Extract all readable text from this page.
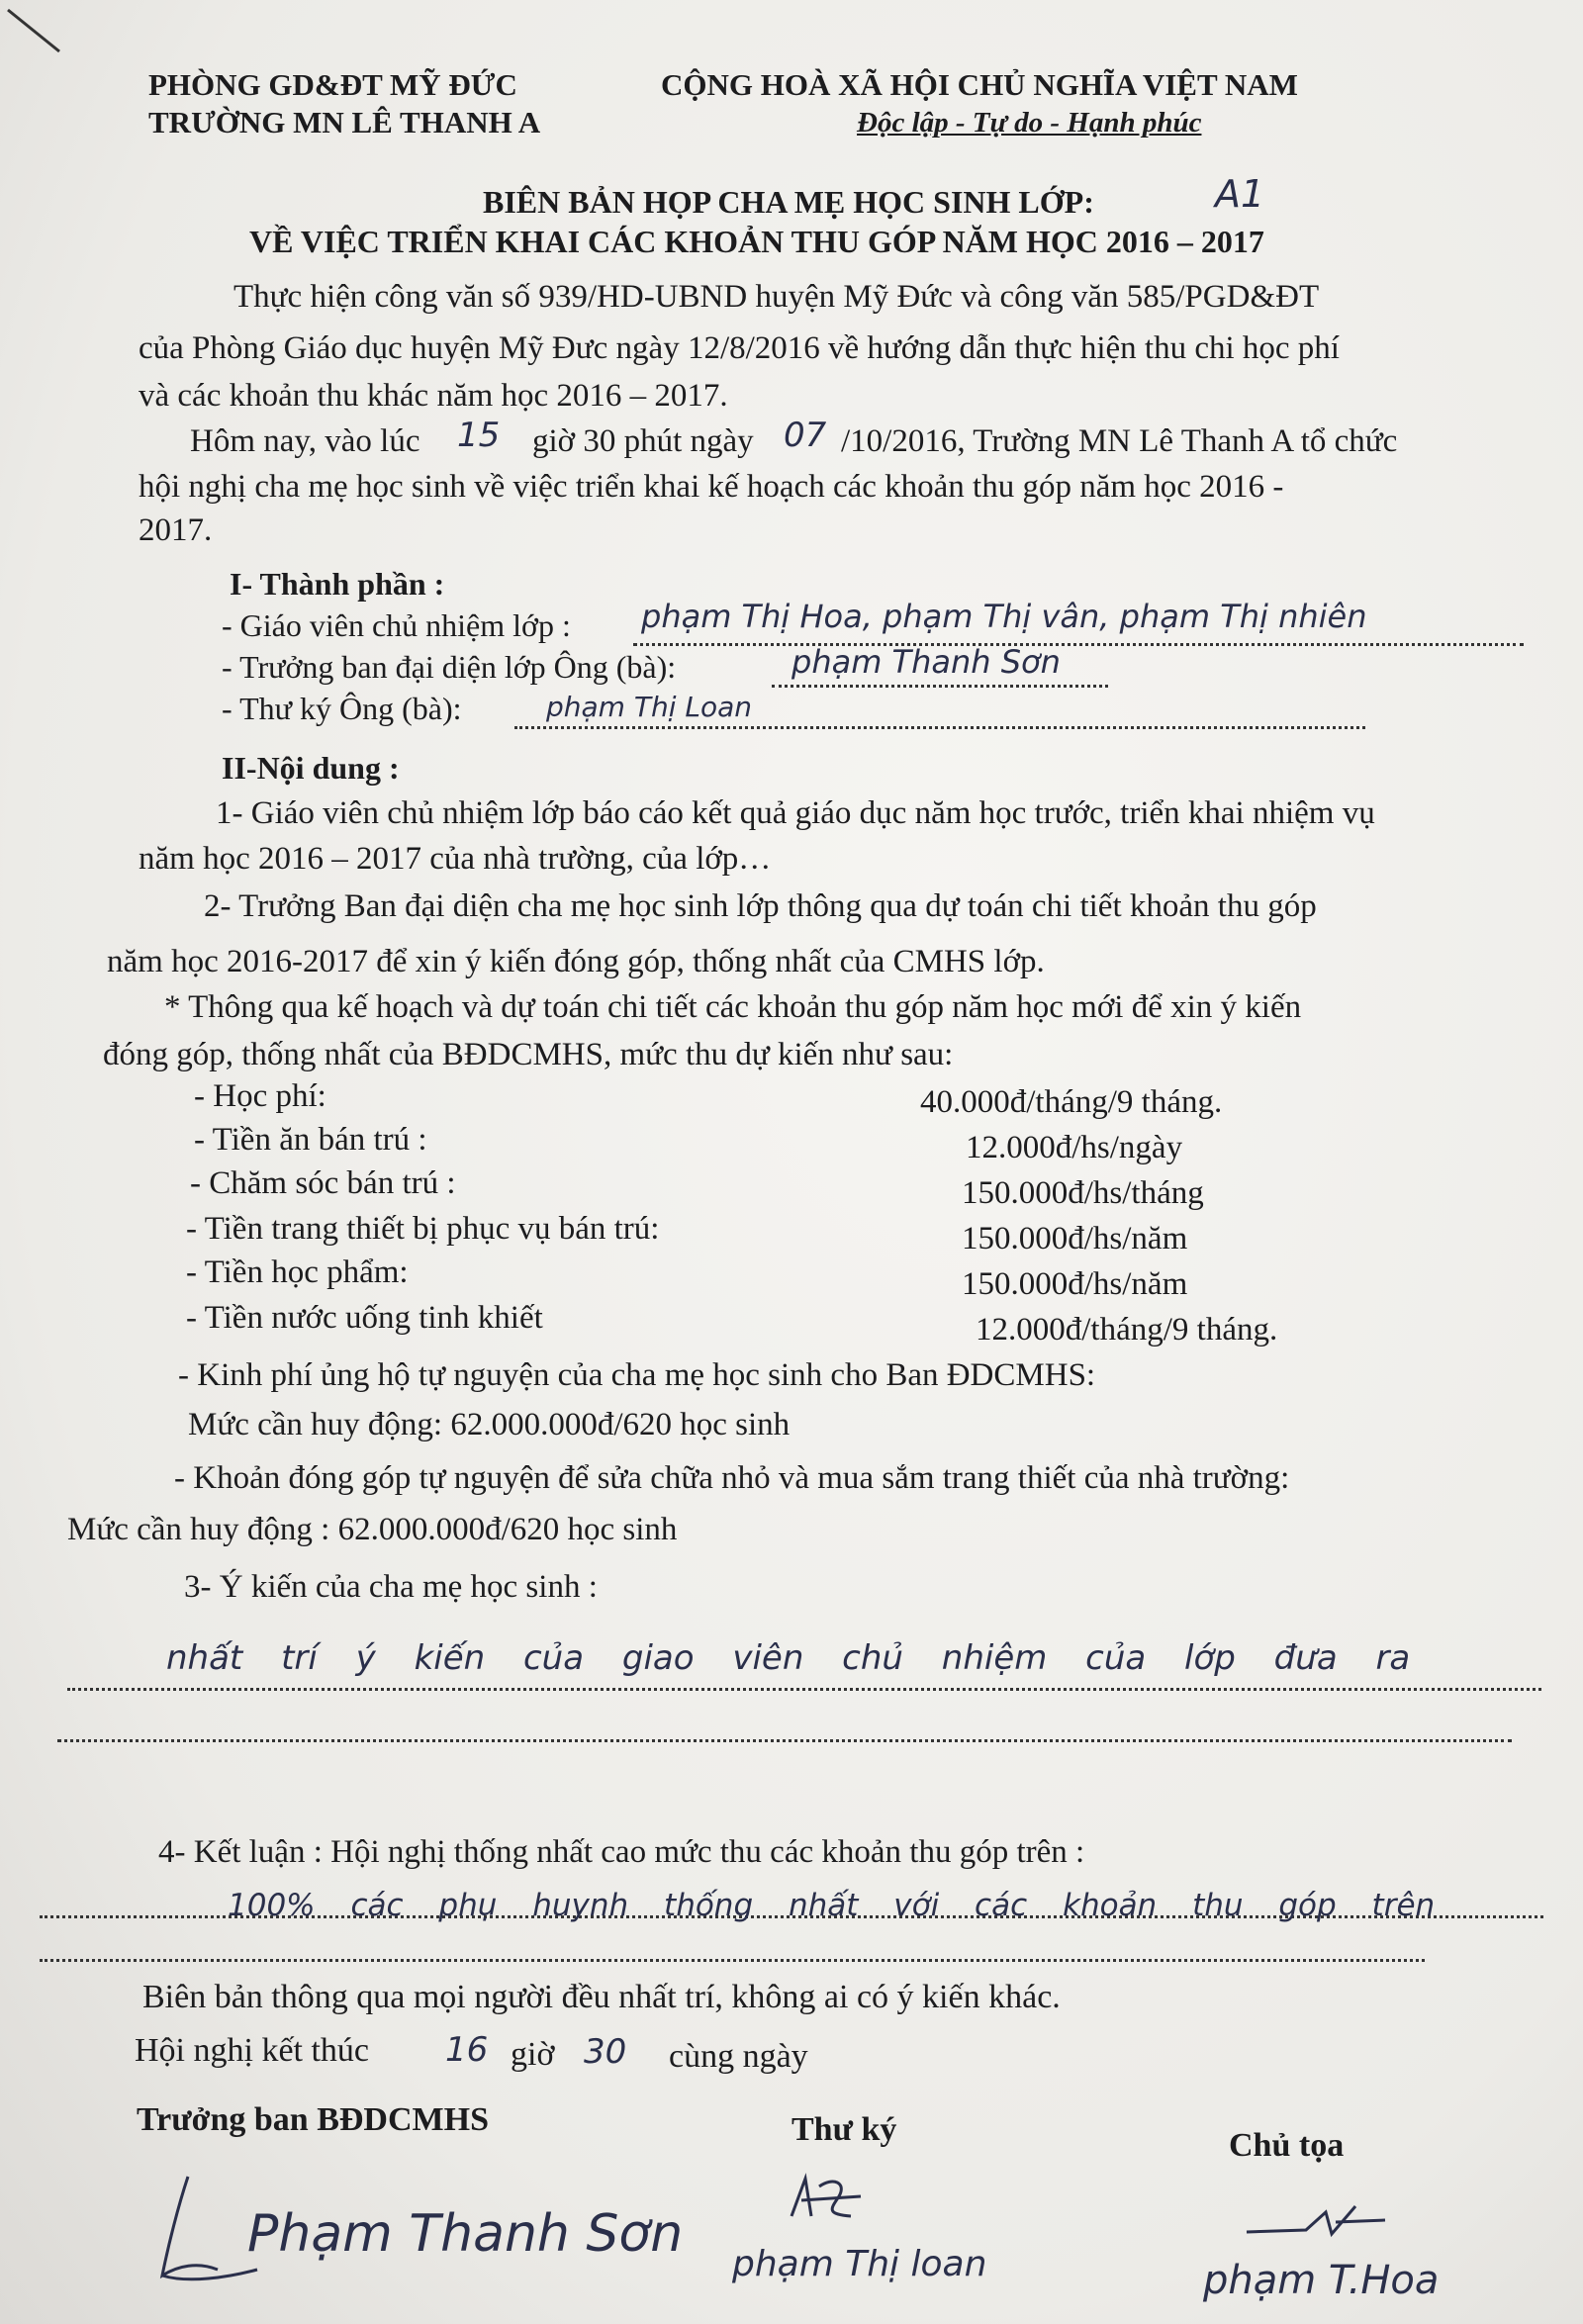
PHÒNG GD&ĐT MỸ ĐỨC
TRƯỜNG MN LÊ THANH A
CỘNG HOÀ XÃ HỘI CHỦ NGHĨA VIỆT NAM
Độc lập - Tự do - Hạnh phúc
BIÊN BẢN HỌP CHA MẸ HỌC SINH LỚP:	A1
VỀ VIỆC TRIỂN KHAI CÁC KHOẢN THU GÓP NĂM HỌC 2016 – 2017
Thực hiện công văn số 939/HD-UBND huyện Mỹ Đức và công văn 585/PGD&ĐT
của Phòng Giáo dục huyện Mỹ Đưc ngày 12/8/2016 về hướng dẫn thực hiện thu chi học phí
và các khoản thu khác năm học 2016 – 2017.
Hôm nay, vào lúc 15 giờ 30 phút ngày 07 /10/2016, Trường MN Lê Thanh A tổ chức
hội nghị cha mẹ học sinh về việc triển khai kế hoạch các khoản thu góp năm học 2016 -
2017.
I- Thành phần :
- Giáo viên chủ nhiệm lớp : phạm Thị Hoa, phạm Thị vân, phạm Thị nhiên
- Trưởng ban đại diện lớp Ông (bà):	phạm Thanh Sơn
- Thư ký Ông (bà):	phạm Thị Loan
II-Nội dung :
1- Giáo viên chủ nhiệm lớp báo cáo kết quả giáo dục năm học trước, triển khai nhiệm vụ
năm học 2016 – 2017 của nhà trường, của lớp…
2- Trưởng Ban đại diện cha mẹ học sinh lớp thông qua dự toán chi tiết khoản thu góp
năm học 2016-2017 để xin ý kiến đóng góp, thống nhất của CMHS lớp.
* Thông qua kế hoạch và dự toán chi tiết các khoản thu góp năm học mới để xin ý kiến
đóng góp, thống nhất của BĐDCMHS, mức thu dự kiến như sau:
- Học phí:	40.000đ/tháng/9 tháng.
- Tiền ăn bán trú :	12.000đ/hs/ngày
- Chăm sóc bán trú :	150.000đ/hs/tháng
- Tiền trang thiết bị phục vụ bán trú:	150.000đ/hs/năm
- Tiền học phẩm:	150.000đ/hs/năm
- Tiền nước uống tinh khiết	12.000đ/tháng/9 tháng.
- Kinh phí ủng hộ tự nguyện của cha mẹ học sinh cho Ban ĐDCMHS:
Mức cần huy động: 62.000.000đ/620 học sinh
- Khoản đóng góp tự nguyện để sửa chữa nhỏ và mua sắm trang thiết của nhà trường:
Mức cần huy động : 62.000.000đ/620 học sinh
3- Ý kiến của cha mẹ học sinh :
nhất trí ý kiến của giao viên chủ nhiệm của lớp đưa ra
4- Kết luận : Hội nghị thống nhất cao mức thu các khoản thu góp trên :
100% các phụ huynh thống nhất với các khoản thu góp trên
Biên bản thông qua mọi người đều nhất trí, không ai có ý kiến khác.
Hội nghị kết thúc 16 giờ 30 cùng ngày
Trưởng ban BĐDCMHS	Thư ký	Chủ tọa
Phạm Thanh Sơn
phạm Thị loan	phạm T.Hoa
